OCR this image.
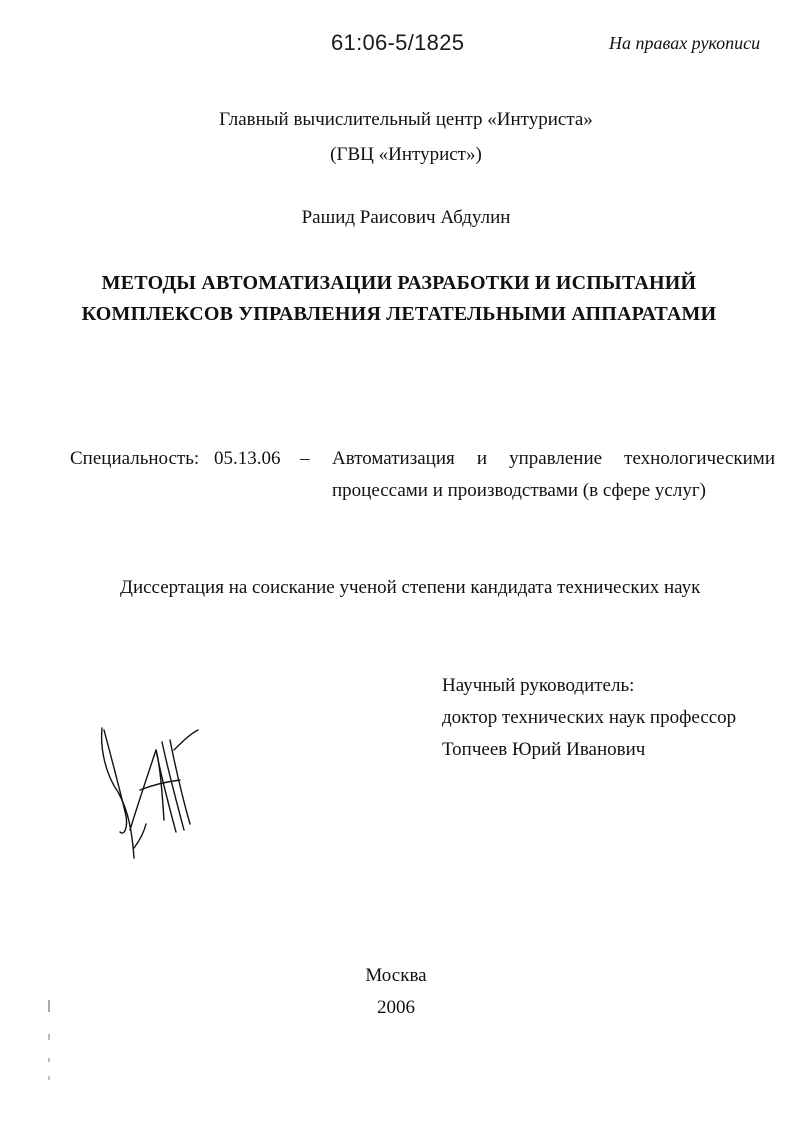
61:06-5/1825	На правах рукописи
Главный вычислительный центр «Интуриста»
(ГВЦ «Интурист»)
Рашид Раисович Абдулин
МЕТОДЫ АВТОМАТИЗАЦИИ РАЗРАБОТКИ И ИСПЫТАНИЙ
КОМПЛЕКСОВ УПРАВЛЕНИЯ ЛЕТАТЕЛЬНЫМИ АППАРАТАМИ
Специальность: 05.13.06 – Автоматизация и управление технологическими
процессами и производствами (в сфере услуг)
Диссертация на соискание ученой степени кандидата технических наук
Научный руководитель:
доктор технических наук профессор
Топчеев Юрий Иванович
Москва
2006
